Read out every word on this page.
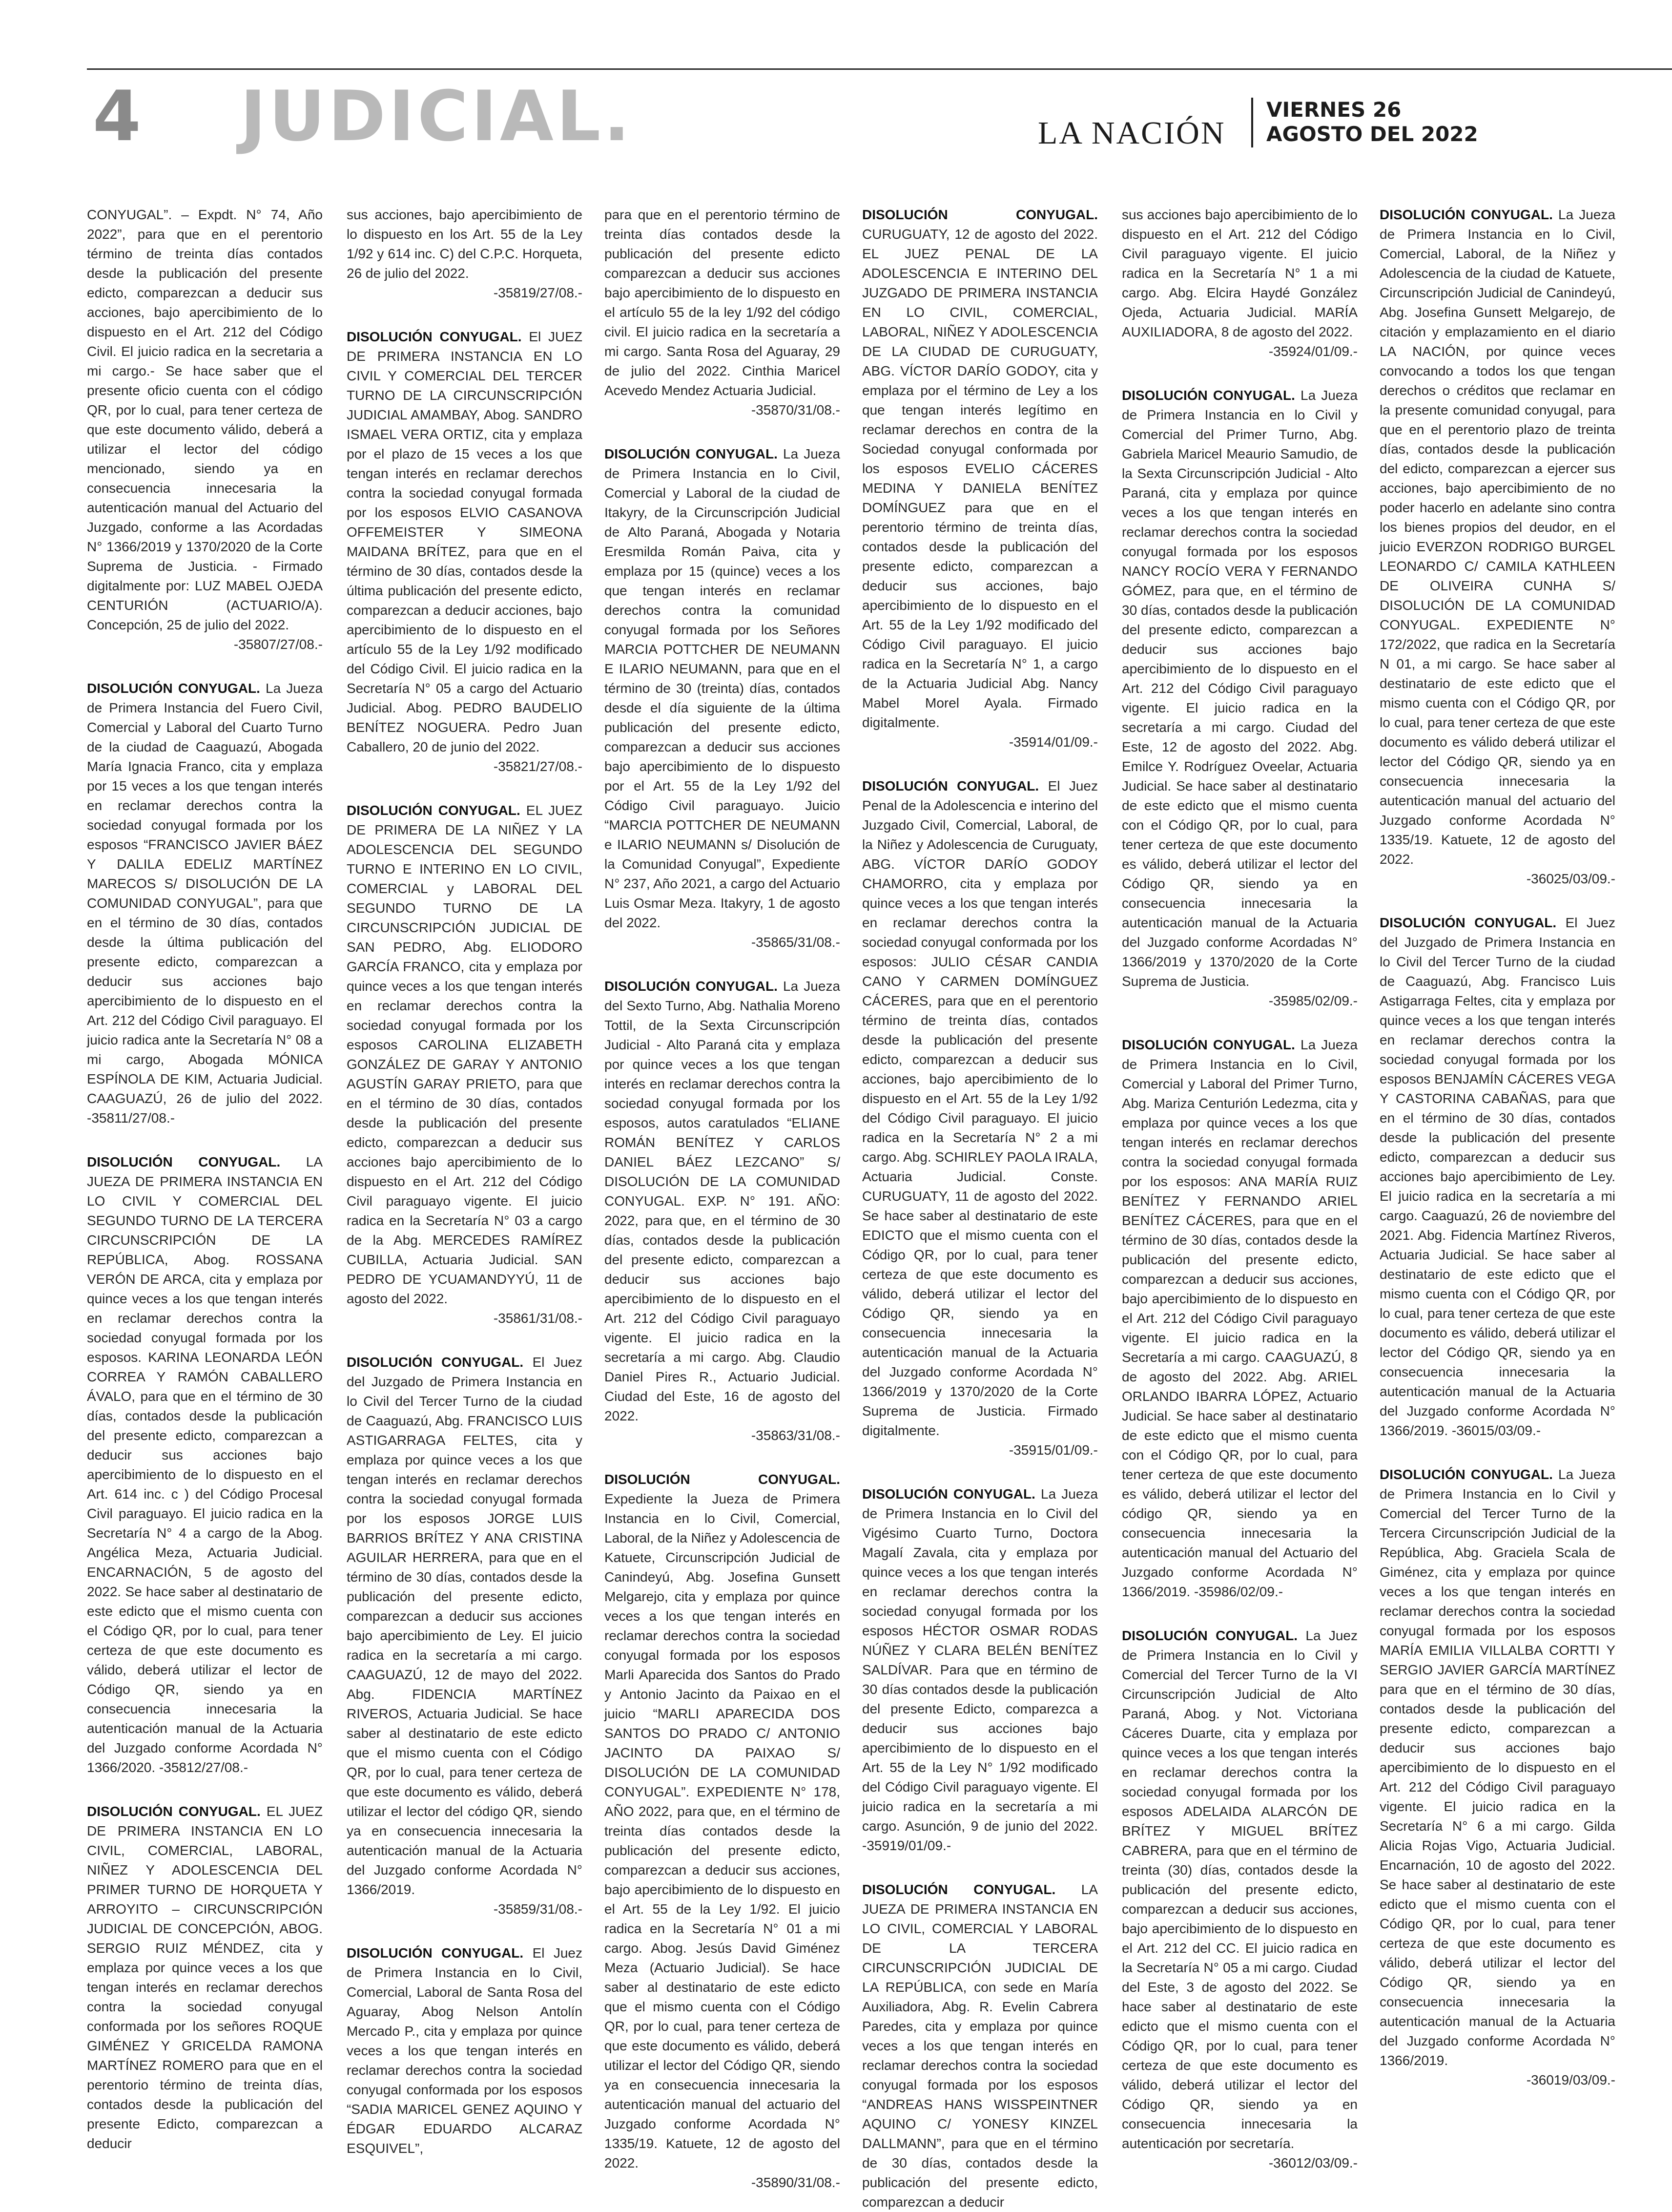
4 JUDICIAL.	LA NACIÓN
VIERNES 26
AGOSTO DEL 2022

CONYUGAL”. – Expdt. N° 74, Año 2022”, para que en el perentorio término de treinta días contados desde la publicación del presente edicto, comparezcan a deducir sus acciones, bajo apercibimiento de lo dispuesto en el Art. 212 del Código Civil. El juicio radica en la secretaria a mi cargo.- Se hace saber que el presente oficio cuenta con el código QR, por lo cual, para tener certeza de que este documento válido, deberá a utilizar el lector del código mencionado, siendo ya en consecuencia innecesaria la autenticación manual del Actuario del Juzgado, conforme a las Acordadas N° 1366/2019 y 1370/2020 de la Corte Suprema de Justicia. - Firmado digitalmente por: LUZ MABEL OJEDA CENTURIÓN (ACTUARIO/A). Concepción, 25 de julio del 2022.
-35807/27/08.-

DISOLUCIÓN CONYUGAL. La Jueza de Primera Instancia del Fuero Civil, Comercial y Laboral del Cuarto Turno de la ciudad de Caaguazú, Abogada María Ignacia Franco, cita y emplaza por 15 veces a los que tengan interés en reclamar derechos contra la sociedad conyugal formada por los esposos “FRANCISCO JAVIER BÁEZ Y DALILA EDELIZ MARTÍNEZ MARECOS S/ DISOLUCIÓN DE LA COMUNIDAD CONYUGAL”, para que en el término de 30 días, contados desde la última publicación del presente edicto, comparezcan a deducir sus acciones bajo apercibimiento de lo dispuesto en el Art. 212 del Código Civil paraguayo. El juicio radica ante la Secretaría N° 08 a mi cargo, Abogada MÓNICA ESPÍNOLA DE KIM, Actuaria Judicial. CAAGUAZÚ, 26 de julio del 2022. -35811/27/08.-

DISOLUCIÓN CONYUGAL. LA JUEZA DE PRIMERA INSTANCIA EN LO CIVIL Y COMERCIAL DEL SEGUNDO TURNO DE LA TERCERA CIRCUNSCRIPCIÓN DE LA REPÚBLICA, Abog. ROSSANA VERÓN DE ARCA, cita y emplaza por quince veces a los que tengan interés en reclamar derechos contra la sociedad conyugal formada por los esposos. KARINA LEONARDA LEÓN CORREA Y RAMÓN CABALLERO ÁVALO, para que en el término de 30 días, contados desde la publicación del presente edicto, comparezcan a deducir sus acciones bajo apercibimiento de lo dispuesto en el Art. 614 inc. c ) del Código Procesal Civil paraguayo. El juicio radica en la Secretaría N° 4 a cargo de la Abog. Angélica Meza, Actuaria Judicial. ENCARNACIÓN, 5 de agosto del 2022. Se hace saber al destinatario de este edicto que el mismo cuenta con el Código QR, por lo cual, para tener certeza de que este documento es válido, deberá utilizar el lector de Código QR, siendo ya en consecuencia innecesaria la autenticación manual de la Actuaria del Juzgado conforme Acordada N° 1366/2020. -35812/27/08.-

DISOLUCIÓN CONYUGAL. EL JUEZ DE PRIMERA INSTANCIA EN LO CIVIL, COMERCIAL, LABORAL, NIÑEZ Y ADOLESCENCIA DEL PRIMER TURNO DE HORQUETA Y ARROYITO – CIRCUNSCRIPCIÓN JUDICIAL DE CONCEPCIÓN, ABOG. SERGIO RUIZ MÉNDEZ, cita y emplaza por quince veces a los que tengan interés en reclamar derechos contra la sociedad conyugal conformada por los señores ROQUE GIMÉNEZ Y GRICELDA RAMONA MARTÍNEZ ROMERO para que en el perentorio término de treinta días, contados desde la publicación del presente Edicto, comparezcan a deducir

sus acciones, bajo apercibimiento de lo dispuesto en los Art. 55 de la Ley 1/92 y 614 inc. C) del C.P.C. Horqueta, 26 de julio del 2022.
-35819/27/08.-

DISOLUCIÓN CONYUGAL. El JUEZ DE PRIMERA INSTANCIA EN LO CIVIL Y COMERCIAL DEL TERCER TURNO DE LA CIRCUNSCRIPCIÓN JUDICIAL AMAMBAY, Abog. SANDRO ISMAEL VERA ORTIZ, cita y emplaza por el plazo de 15 veces a los que tengan interés en reclamar derechos contra la sociedad conyugal formada por los esposos ELVIO CASANOVA OFFEMEISTER Y SIMEONA MAIDANA BRÍTEZ, para que en el término de 30 días, contados desde la última publicación del presente edicto, comparezcan a deducir acciones, bajo apercibimiento de lo dispuesto en el artículo 55 de la Ley 1/92 modificado del Código Civil. El juicio radica en la Secretaría N° 05 a cargo del Actuario Judicial. Abog. PEDRO BAUDELIO BENÍTEZ NOGUERA. Pedro Juan Caballero, 20 de junio del 2022.
-35821/27/08.-

DISOLUCIÓN CONYUGAL. EL JUEZ DE PRIMERA DE LA NIÑEZ Y LA ADOLESCENCIA DEL SEGUNDO TURNO E INTERINO EN LO CIVIL, COMERCIAL y LABORAL DEL SEGUNDO TURNO DE LA CIRCUNSCRIPCIÓN JUDICIAL DE SAN PEDRO, Abg. ELIODORO GARCÍA FRANCO, cita y emplaza por quince veces a los que tengan interés en reclamar derechos contra la sociedad conyugal formada por los esposos CAROLINA ELIZABETH GONZÁLEZ DE GARAY Y ANTONIO AGUSTÍN GARAY PRIETO, para que en el término de 30 días, contados desde la publicación del presente edicto, comparezcan a deducir sus acciones bajo apercibimiento de lo dispuesto en el Art. 212 del Código Civil paraguayo vigente. El juicio radica en la Secretaría N° 03 a cargo de la Abg. MERCEDES RAMÍREZ CUBILLA, Actuaria Judicial. SAN PEDRO DE YCUAMANDYYÚ, 11 de agosto del 2022.
-35861/31/08.-

DISOLUCIÓN CONYUGAL. El Juez del Juzgado de Primera Instancia en lo Civil del Tercer Turno de la ciudad de Caaguazú, Abg. FRANCISCO LUIS ASTIGARRAGA FELTES, cita y emplaza por quince veces a los que tengan interés en reclamar derechos contra la sociedad conyugal formada por los esposos JORGE LUIS BARRIOS BRÍTEZ Y ANA CRISTINA AGUILAR HERRERA, para que en el término de 30 días, contados desde la publicación del presente edicto, comparezcan a deducir sus acciones bajo apercibimiento de Ley. El juicio radica en la secretaría a mi cargo. CAAGUAZÚ, 12 de mayo del 2022. Abg. FIDENCIA MARTÍNEZ RIVEROS, Actuaria Judicial. Se hace saber al destinatario de este edicto que el mismo cuenta con el Código QR, por lo cual, para tener certeza de que este documento es válido, deberá utilizar el lector del código QR, siendo ya en consecuencia innecesaria la autenticación manual de la Actuaria del Juzgado conforme Acordada N° 1366/2019.
-35859/31/08.-

DISOLUCIÓN CONYUGAL. El Juez de Primera Instancia en lo Civil, Comercial, Laboral de Santa Rosa del Aguaray, Abog Nelson Antolín Mercado P., cita y emplaza por quince veces a los que tengan interés en reclamar derechos contra la sociedad conyugal conformada por los esposos “SADIA MARICEL GENEZ AQUINO Y ÉDGAR EDUARDO ALCARAZ ESQUIVEL”,

para que en el perentorio término de treinta días contados desde la publicación del presente edicto comparezcan a deducir sus acciones bajo apercibimiento de lo dispuesto en el artículo 55 de la ley 1/92 del código civil. El juicio radica en la secretaría a mi cargo. Santa Rosa del Aguaray, 29 de julio del 2022. Cinthia Maricel Acevedo Mendez Actuaria Judicial.
-35870/31/08.-

DISOLUCIÓN CONYUGAL. La Jueza de Primera Instancia en lo Civil, Comercial y Laboral de la ciudad de Itakyry, de la Circunscripción Judicial de Alto Paraná, Abogada y Notaria Eresmilda Román Paiva, cita y emplaza por 15 (quince) veces a los que tengan interés en reclamar derechos contra la comunidad conyugal formada por los Señores MARCIA POTTCHER DE NEUMANN E ILARIO NEUMANN, para que en el término de 30 (treinta) días, contados desde el día siguiente de la última publicación del presente edicto, comparezcan a deducir sus acciones bajo apercibimiento de lo dispuesto por el Art. 55 de la Ley 1/92 del Código Civil paraguayo. Juicio “MARCIA POTTCHER DE NEUMANN e ILARIO NEUMANN s/ Disolución de la Comunidad Conyugal”, Expediente N° 237, Año 2021, a cargo del Actuario Luis Osmar Meza. Itakyry, 1 de agosto del 2022.
-35865/31/08.-

DISOLUCIÓN CONYUGAL. La Jueza del Sexto Turno, Abg. Nathalia Moreno Tottil, de la Sexta Circunscripción Judicial - Alto Paraná cita y emplaza por quince veces a los que tengan interés en reclamar derechos contra la sociedad conyugal formada por los esposos, autos caratulados “ELIANE ROMÁN BENÍTEZ Y CARLOS DANIEL BÁEZ LEZCANO” S/ DISOLUCIÓN DE LA COMUNIDAD CONYUGAL. EXP. N° 191. AÑO: 2022, para que, en el término de 30 días, contados desde la publicación del presente edicto, comparezcan a deducir sus acciones bajo apercibimiento de lo dispuesto en el Art. 212 del Código Civil paraguayo vigente. El juicio radica en la secretaría a mi cargo. Abg. Claudio Daniel Pires R., Actuario Judicial. Ciudad del Este, 16 de agosto del 2022.
-35863/31/08.-

DISOLUCIÓN CONYUGAL. Expediente la Jueza de Primera Instancia en lo Civil, Comercial, Laboral, de la Niñez y Adolescencia de Katuete, Circunscripción Judicial de Canindeyú, Abg. Josefina Gunsett Melgarejo, cita y emplaza por quince veces a los que tengan interés en reclamar derechos contra la sociedad conyugal formada por los esposos Marli Aparecida dos Santos do Prado y Antonio Jacinto da Paixao en el juicio “MARLI APARECIDA DOS SANTOS DO PRADO C/ ANTONIO JACINTO DA PAIXAO S/ DISOLUCIÓN DE LA COMUNIDAD CONYUGAL”. EXPEDIENTE N° 178, AÑO 2022, para que, en el término de treinta días contados desde la publicación del presente edicto, comparezcan a deducir sus acciones, bajo apercibimiento de lo dispuesto en el Art. 55 de la Ley 1/92. El juicio radica en la Secretaría N° 01 a mi cargo. Abog. Jesús David Giménez Meza (Actuario Judicial). Se hace saber al destinatario de este edicto que el mismo cuenta con el Código QR, por lo cual, para tener certeza de que este documento es válido, deberá utilizar el lector del Código QR, siendo ya en consecuencia innecesaria la autenticación manual del actuario del Juzgado conforme Acordada N° 1335/19. Katuete, 12 de agosto del 2022.
-35890/31/08.-

DISOLUCIÓN CONYUGAL. CURUGUATY, 12 de agosto del 2022. EL JUEZ PENAL DE LA ADOLESCENCIA E INTERINO DEL JUZGADO DE PRIMERA INSTANCIA EN LO CIVIL, COMERCIAL, LABORAL, NIÑEZ Y ADOLESCENCIA DE LA CIUDAD DE CURUGUATY, ABG. VÍCTOR DARÍO GODOY, cita y emplaza por el término de Ley a los que tengan interés legítimo en reclamar derechos en contra de la Sociedad conyugal conformada por los esposos EVELIO CÁCERES MEDINA Y DANIELA BENÍTEZ DOMÍNGUEZ para que en el perentorio término de treinta días, contados desde la publicación del presente edicto, comparezcan a deducir sus acciones, bajo apercibimiento de lo dispuesto en el Art. 55 de la Ley 1/92 modificado del Código Civil paraguayo. El juicio radica en la Secretaría N° 1, a cargo de la Actuaria Judicial Abg. Nancy Mabel Morel Ayala. Firmado digitalmente.
-35914/01/09.-

DISOLUCIÓN CONYUGAL. El Juez Penal de la Adolescencia e interino del Juzgado Civil, Comercial, Laboral, de la Niñez y Adolescencia de Curuguaty, ABG. VÍCTOR DARÍO GODOY CHAMORRO, cita y emplaza por quince veces a los que tengan interés en reclamar derechos contra la sociedad conyugal conformada por los esposos: JULIO CÉSAR CANDIA CANO Y CARMEN DOMÍNGUEZ CÁCERES, para que en el perentorio término de treinta días, contados desde la publicación del presente edicto, comparezcan a deducir sus acciones, bajo apercibimiento de lo dispuesto en el Art. 55 de la Ley 1/92 del Código Civil paraguayo. El juicio radica en la Secretaría N° 2 a mi cargo. Abg. SCHIRLEY PAOLA IRALA, Actuaria Judicial. Conste. CURUGUATY, 11 de agosto del 2022. Se hace saber al destinatario de este EDICTO que el mismo cuenta con el Código QR, por lo cual, para tener certeza de que este documento es válido, deberá utilizar el lector del Código QR, siendo ya en consecuencia innecesaria la autenticación manual de la Actuaria del Juzgado conforme Acordada N° 1366/2019 y 1370/2020 de la Corte Suprema de Justicia. Firmado digitalmente.
-35915/01/09.-

DISOLUCIÓN CONYUGAL. La Jueza de Primera Instancia en lo Civil del Vigésimo Cuarto Turno, Doctora Magalí Zavala, cita y emplaza por quince veces a los que tengan interés en reclamar derechos contra la sociedad conyugal formada por los esposos HÉCTOR OSMAR RODAS NÚÑEZ Y CLARA BELÉN BENÍTEZ SALDÍVAR. Para que en término de 30 días contados desde la publicación del presente Edicto, comparezca a deducir sus acciones bajo apercibimiento de lo dispuesto en el Art. 55 de la Ley N° 1/92 modificado del Código Civil paraguayo vigente. El juicio radica en la secretaría a mi cargo. Asunción, 9 de junio del 2022. -35919/01/09.-

DISOLUCIÓN CONYUGAL. LA JUEZA DE PRIMERA INSTANCIA EN LO CIVIL, COMERCIAL Y LABORAL DE LA TERCERA CIRCUNSCRIPCIÓN JUDICIAL DE LA REPÚBLICA, con sede en María Auxiliadora, Abg. R. Evelin Cabrera Paredes, cita y emplaza por quince veces a los que tengan interés en reclamar derechos contra la sociedad conyugal formada por los esposos “ANDREAS HANS WISSPEINTNER AQUINO C/ YONESY KINZEL DALLMANN”, para que en el término de 30 días, contados desde la publicación del presente edicto, comparezcan a deducir

sus acciones bajo apercibimiento de lo dispuesto en el Art. 212 del Código Civil paraguayo vigente. El juicio radica en la Secretaría N° 1 a mi cargo. Abg. Elcira Haydé González Ojeda, Actuaria Judicial. MARÍA AUXILIADORA, 8 de agosto del 2022.
-35924/01/09.-

DISOLUCIÓN CONYUGAL. La Jueza de Primera Instancia en lo Civil y Comercial del Primer Turno, Abg. Gabriela Maricel Meaurio Samudio, de la Sexta Circunscripción Judicial - Alto Paraná, cita y emplaza por quince veces a los que tengan interés en reclamar derechos contra la sociedad conyugal formada por los esposos NANCY ROCÍO VERA Y FERNANDO GÓMEZ, para que, en el término de 30 días, contados desde la publicación del presente edicto, comparezcan a deducir sus acciones bajo apercibimiento de lo dispuesto en el Art. 212 del Código Civil paraguayo vigente. El juicio radica en la secretaría a mi cargo. Ciudad del Este, 12 de agosto del 2022. Abg. Emilce Y. Rodríguez Oveelar, Actuaria Judicial. Se hace saber al destinatario de este edicto que el mismo cuenta con el Código QR, por lo cual, para tener certeza de que este documento es válido, deberá utilizar el lector del Código QR, siendo ya en consecuencia innecesaria la autenticación manual de la Actuaria del Juzgado conforme Acordadas N° 1366/2019 y 1370/2020 de la Corte Suprema de Justicia.
-35985/02/09.-

DISOLUCIÓN CONYUGAL. La Jueza de Primera Instancia en lo Civil, Comercial y Laboral del Primer Turno, Abg. Mariza Centurión Ledezma, cita y emplaza por quince veces a los que tengan interés en reclamar derechos contra la sociedad conyugal formada por los esposos: ANA MARÍA RUIZ BENÍTEZ Y FERNANDO ARIEL BENÍTEZ CÁCERES, para que en el término de 30 días, contados desde la publicación del presente edicto, comparezcan a deducir sus acciones, bajo apercibimiento de lo dispuesto en el Art. 212 del Código Civil paraguayo vigente. El juicio radica en la Secretaría a mi cargo. CAAGUAZÚ, 8 de agosto del 2022. Abg. ARIEL ORLANDO IBARRA LÓPEZ, Actuario Judicial. Se hace saber al destinatario de este edicto que el mismo cuenta con el Código QR, por lo cual, para tener certeza de que este documento es válido, deberá utilizar el lector del código QR, siendo ya en consecuencia innecesaria la autenticación manual del Actuario del Juzgado conforme Acordada N° 1366/2019. -35986/02/09.-

DISOLUCIÓN CONYUGAL. La Juez de Primera Instancia en lo Civil y Comercial del Tercer Turno de la VI Circunscripción Judicial de Alto Paraná, Abog. y Not. Victoriana Cáceres Duarte, cita y emplaza por quince veces a los que tengan interés en reclamar derechos contra la sociedad conyugal formada por los esposos ADELAIDA ALARCÓN DE BRÍTEZ Y MIGUEL BRÍTEZ CABRERA, para que en el término de treinta (30) días, contados desde la publicación del presente edicto, comparezcan a deducir sus acciones, bajo apercibimiento de lo dispuesto en el Art. 212 del CC. El juicio radica en la Secretaría N° 05 a mi cargo. Ciudad del Este, 3 de agosto del 2022. Se hace saber al destinatario de este edicto que el mismo cuenta con el Código QR, por lo cual, para tener certeza de que este documento es válido, deberá utilizar el lector del Código QR, siendo ya en consecuencia innecesaria la autenticación por secretaría.
-36012/03/09.-

DISOLUCIÓN CONYUGAL. La Jueza de Primera Instancia en lo Civil, Comercial, Laboral, de la Niñez y Adolescencia de la ciudad de Katuete, Circunscripción Judicial de Canindeyú, Abg. Josefina Gunsett Melgarejo, de citación y emplazamiento en el diario LA NACIÓN, por quince veces convocando a todos los que tengan derechos o créditos que reclamar en la presente comunidad conyugal, para que en el perentorio plazo de treinta días, contados desde la publicación del edicto, comparezcan a ejercer sus acciones, bajo apercibimiento de no poder hacerlo en adelante sino contra los bienes propios del deudor, en el juicio EVERZON RODRIGO BURGEL LEONARDO C/ CAMILA KATHLEEN DE OLIVEIRA CUNHA S/ DISOLUCIÓN DE LA COMUNIDAD CONYUGAL. EXPEDIENTE N° 172/2022, que radica en la Secretaría N 01, a mi cargo. Se hace saber al destinatario de este edicto que el mismo cuenta con el Código QR, por lo cual, para tener certeza de que este documento es válido deberá utilizar el lector del Código QR, siendo ya en consecuencia innecesaria la autenticación manual del actuario del Juzgado conforme Acordada N° 1335/19. Katuete, 12 de agosto del 2022.
-36025/03/09.-

DISOLUCIÓN CONYUGAL. El Juez del Juzgado de Primera Instancia en lo Civil del Tercer Turno de la ciudad de Caaguazú, Abg. Francisco Luis Astigarraga Feltes, cita y emplaza por quince veces a los que tengan interés en reclamar derechos contra la sociedad conyugal formada por los esposos BENJAMÍN CÁCERES VEGA Y CASTORINA CABAÑAS, para que en el término de 30 días, contados desde la publicación del presente edicto, comparezcan a deducir sus acciones bajo apercibimiento de Ley. El juicio radica en la secretaría a mi cargo. Caaguazú, 26 de noviembre del 2021. Abg. Fidencia Martínez Riveros, Actuaria Judicial. Se hace saber al destinatario de este edicto que el mismo cuenta con el Código QR, por lo cual, para tener certeza de que este documento es válido, deberá utilizar el lector del Código QR, siendo ya en consecuencia innecesaria la autenticación manual de la Actuaria del Juzgado conforme Acordada N° 1366/2019. -36015/03/09.-

DISOLUCIÓN CONYUGAL. La Jueza de Primera Instancia en lo Civil y Comercial del Tercer Turno de la Tercera Circunscripción Judicial de la República, Abg. Graciela Scala de Giménez, cita y emplaza por quince veces a los que tengan interés en reclamar derechos contra la sociedad conyugal formada por los esposos MARÍA EMILIA VILLALBA CORTTI Y SERGIO JAVIER GARCÍA MARTÍNEZ para que en el término de 30 días, contados desde la publicación del presente edicto, comparezcan a deducir sus acciones bajo apercibimiento de lo dispuesto en el Art. 212 del Código Civil paraguayo vigente. El juicio radica en la Secretaría N° 6 a mi cargo. Gilda Alicia Rojas Vigo, Actuaria Judicial. Encarnación, 10 de agosto del 2022. Se hace saber al destinatario de este edicto que el mismo cuenta con el Código QR, por lo cual, para tener certeza de que este documento es válido, deberá utilizar el lector del Código QR, siendo ya en consecuencia innecesaria la autenticación manual de la Actuaria del Juzgado conforme Acordada N° 1366/2019.
-36019/03/09.-
